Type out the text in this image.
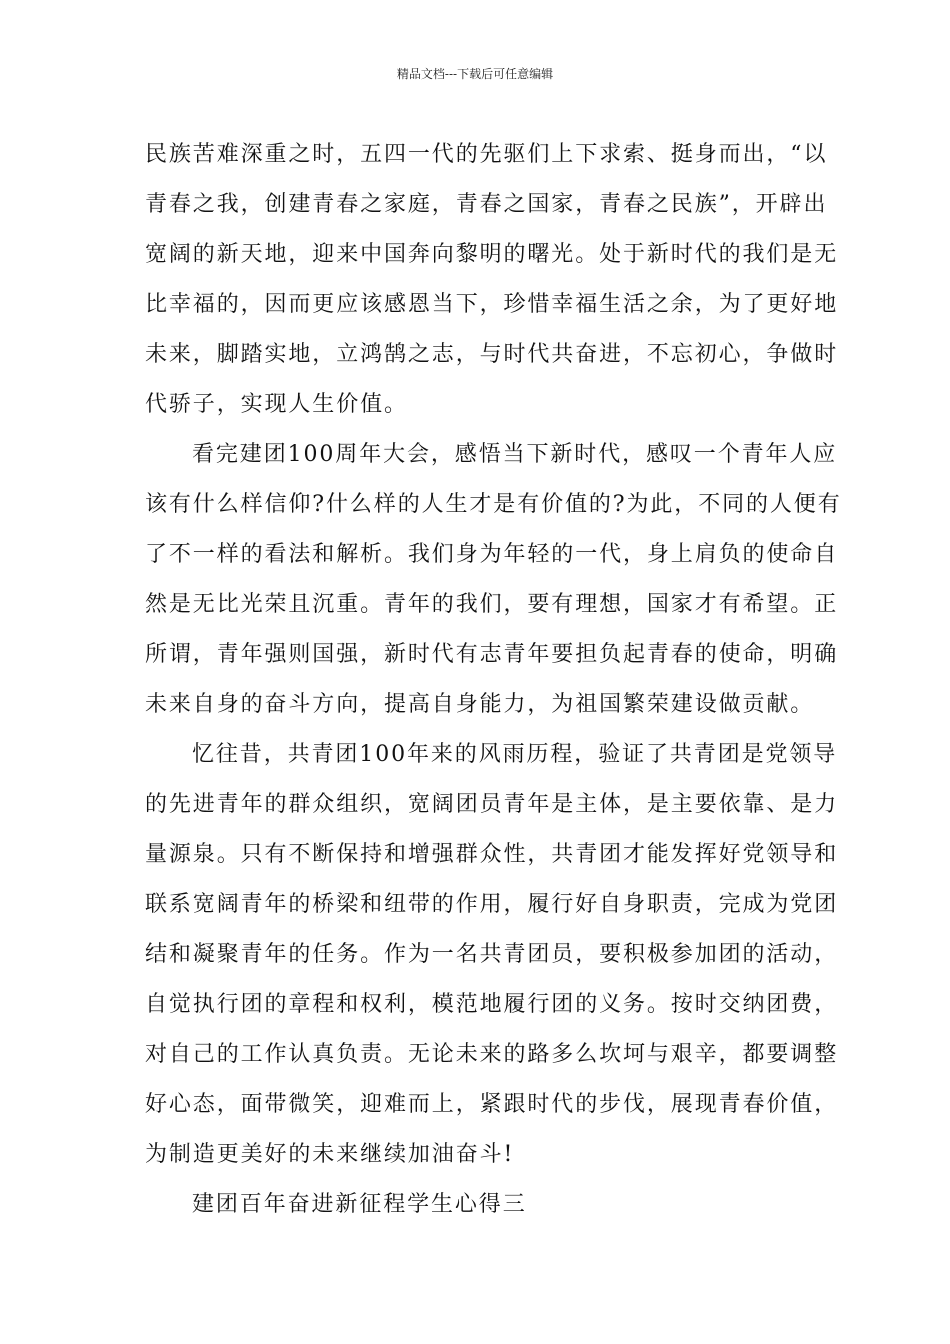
精品文档---下载后可任意编辑
民族苦难深重之时，五四一代的先驱们上下求索、挺身而出，“以
青春之我，创建青春之家庭，青春之国家，青春之民族”，开辟出
宽阔的新天地，迎来中国奔向黎明的曙光。处于新时代的我们是无
比幸福的，因而更应该感恩当下，珍惜幸福生活之余，为了更好地
未来，脚踏实地，立鸿鹄之志，与时代共奋进，不忘初心，争做时
代骄子，实现人生价值。
看完建团100周年大会，感悟当下新时代，感叹一个青年人应
该有什么样信仰?什么样的人生才是有价值的?为此，不同的人便有
了不一样的看法和解析。我们身为年轻的一代，身上肩负的使命自
然是无比光荣且沉重。青年的我们，要有理想，国家才有希望。正
所谓，青年强则国强，新时代有志青年要担负起青春的使命，明确
未来自身的奋斗方向，提高自身能力，为祖国繁荣建设做贡献。
忆往昔，共青团100年来的风雨历程，验证了共青团是党领导
的先进青年的群众组织，宽阔团员青年是主体，是主要依靠、是力
量源泉。只有不断保持和增强群众性，共青团才能发挥好党领导和
联系宽阔青年的桥梁和纽带的作用，履行好自身职责，完成为党团
结和凝聚青年的任务。作为一名共青团员，要积极参加团的活动，
自觉执行团的章程和权利，模范地履行团的义务。按时交纳团费，
对自己的工作认真负责。无论未来的路多么坎坷与艰辛，都要调整
好心态，面带微笑，迎难而上，紧跟时代的步伐，展现青春价值，
为制造更美好的未来继续加油奋斗!
建团百年奋进新征程学生心得三
